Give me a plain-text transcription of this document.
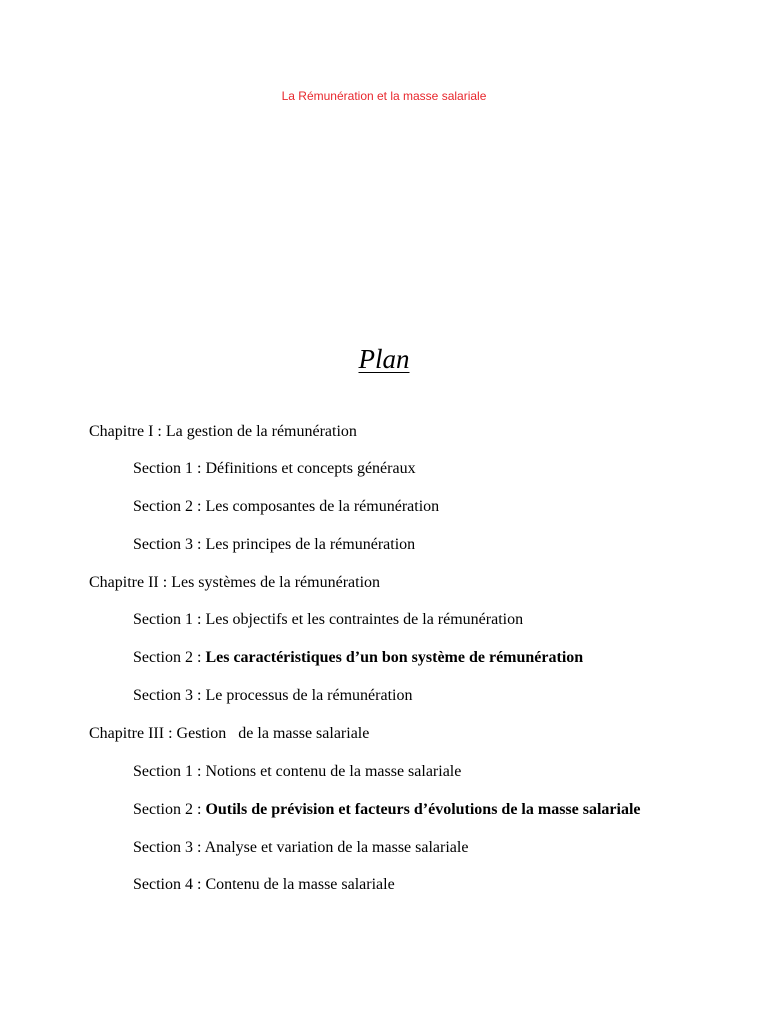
La Rémunération et la masse salariale
Plan
Chapitre I : La gestion de la rémunération
Section 1 : Définitions et concepts généraux
Section 2 : Les composantes de la rémunération
Section 3 : Les principes de la rémunération
Chapitre II : Les systèmes de la rémunération
Section 1 : Les objectifs et les contraintes de la rémunération
Section 2 : Les caractéristiques d’un bon système de rémunération
Section 3 : Le processus de la rémunération
Chapitre III : Gestion   de la masse salariale
Section 1 : Notions et contenu de la masse salariale
Section 2 : Outils de prévision et facteurs d’évolutions de la masse salariale
Section 3 : Analyse et variation de la masse salariale
Section 4 : Contenu de la masse salariale
